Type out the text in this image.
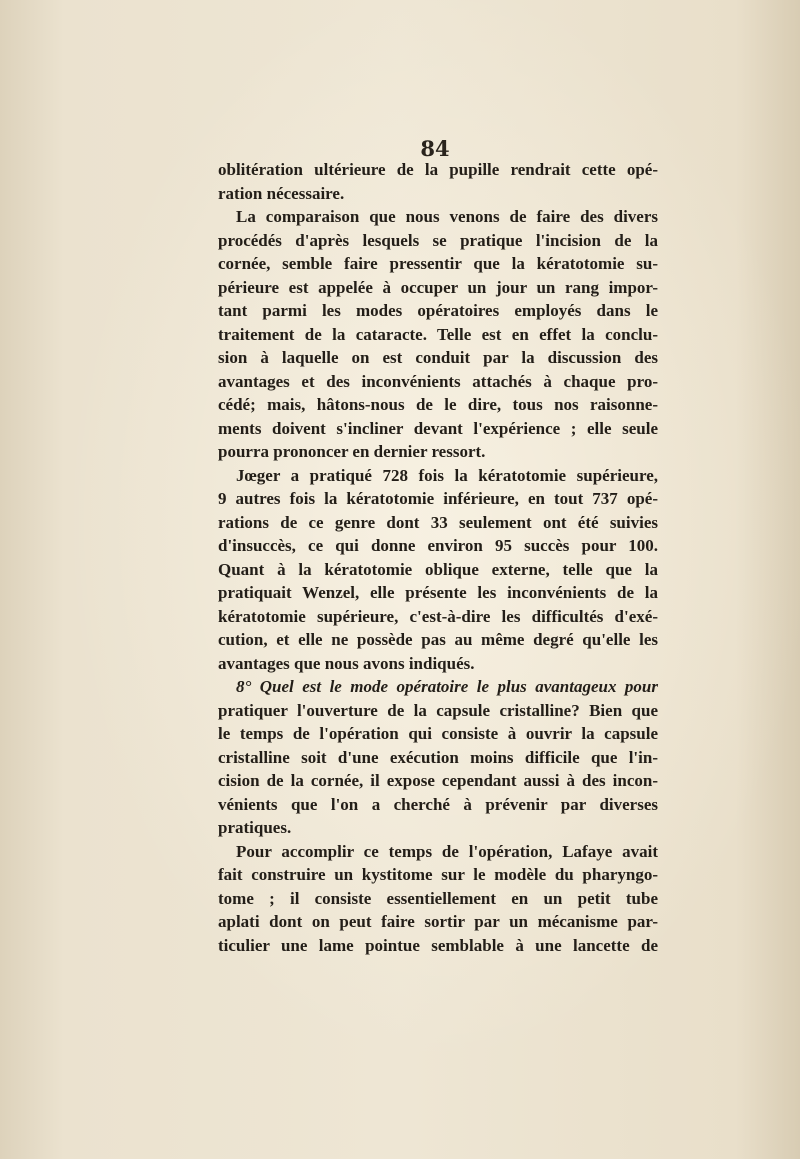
84
oblitération ultérieure de la pupille rendrait cette opé-
ration nécessaire.
La comparaison que nous venons de faire des divers
procédés d'après lesquels se pratique l'incision de la
cornée, semble faire pressentir que la kératotomie su-
périeure est appelée à occuper un jour un rang impor-
tant parmi les modes opératoires employés dans le
traitement de la cataracte. Telle est en effet la conclu-
sion à laquelle on est conduit par la discussion des
avantages et des inconvénients attachés à chaque pro-
cédé; mais, hâtons-nous de le dire, tous nos raisonne-
ments doivent s'incliner devant l'expérience ; elle seule
pourra prononcer en dernier ressort.
Jœger a pratiqué 728 fois la kératotomie supérieure,
9 autres fois la kératotomie inférieure, en tout 737 opé-
rations de ce genre dont 33 seulement ont été suivies
d'insuccès, ce qui donne environ 95 succès pour 100.
Quant à la kératotomie oblique externe, telle que la
pratiquait Wenzel, elle présente les inconvénients de la
kératotomie supérieure, c'est-à-dire les difficultés d'exé-
cution, et elle ne possède pas au même degré qu'elle les
avantages que nous avons indiqués.
8° Quel est le mode opératoire le plus avantageux pour
pratiquer l'ouverture de la capsule cristalline? Bien que
le temps de l'opération qui consiste à ouvrir la capsule
cristalline soit d'une exécution moins difficile que l'in-
cision de la cornée, il expose cependant aussi à des incon-
vénients que l'on a cherché à prévenir par diverses
pratiques.
Pour accomplir ce temps de l'opération, Lafaye avait
fait construire un kystitome sur le modèle du pharyngo-
tome ; il consiste essentiellement en un petit tube
aplati dont on peut faire sortir par un mécanisme par-
ticulier une lame pointue semblable à une lancette de
